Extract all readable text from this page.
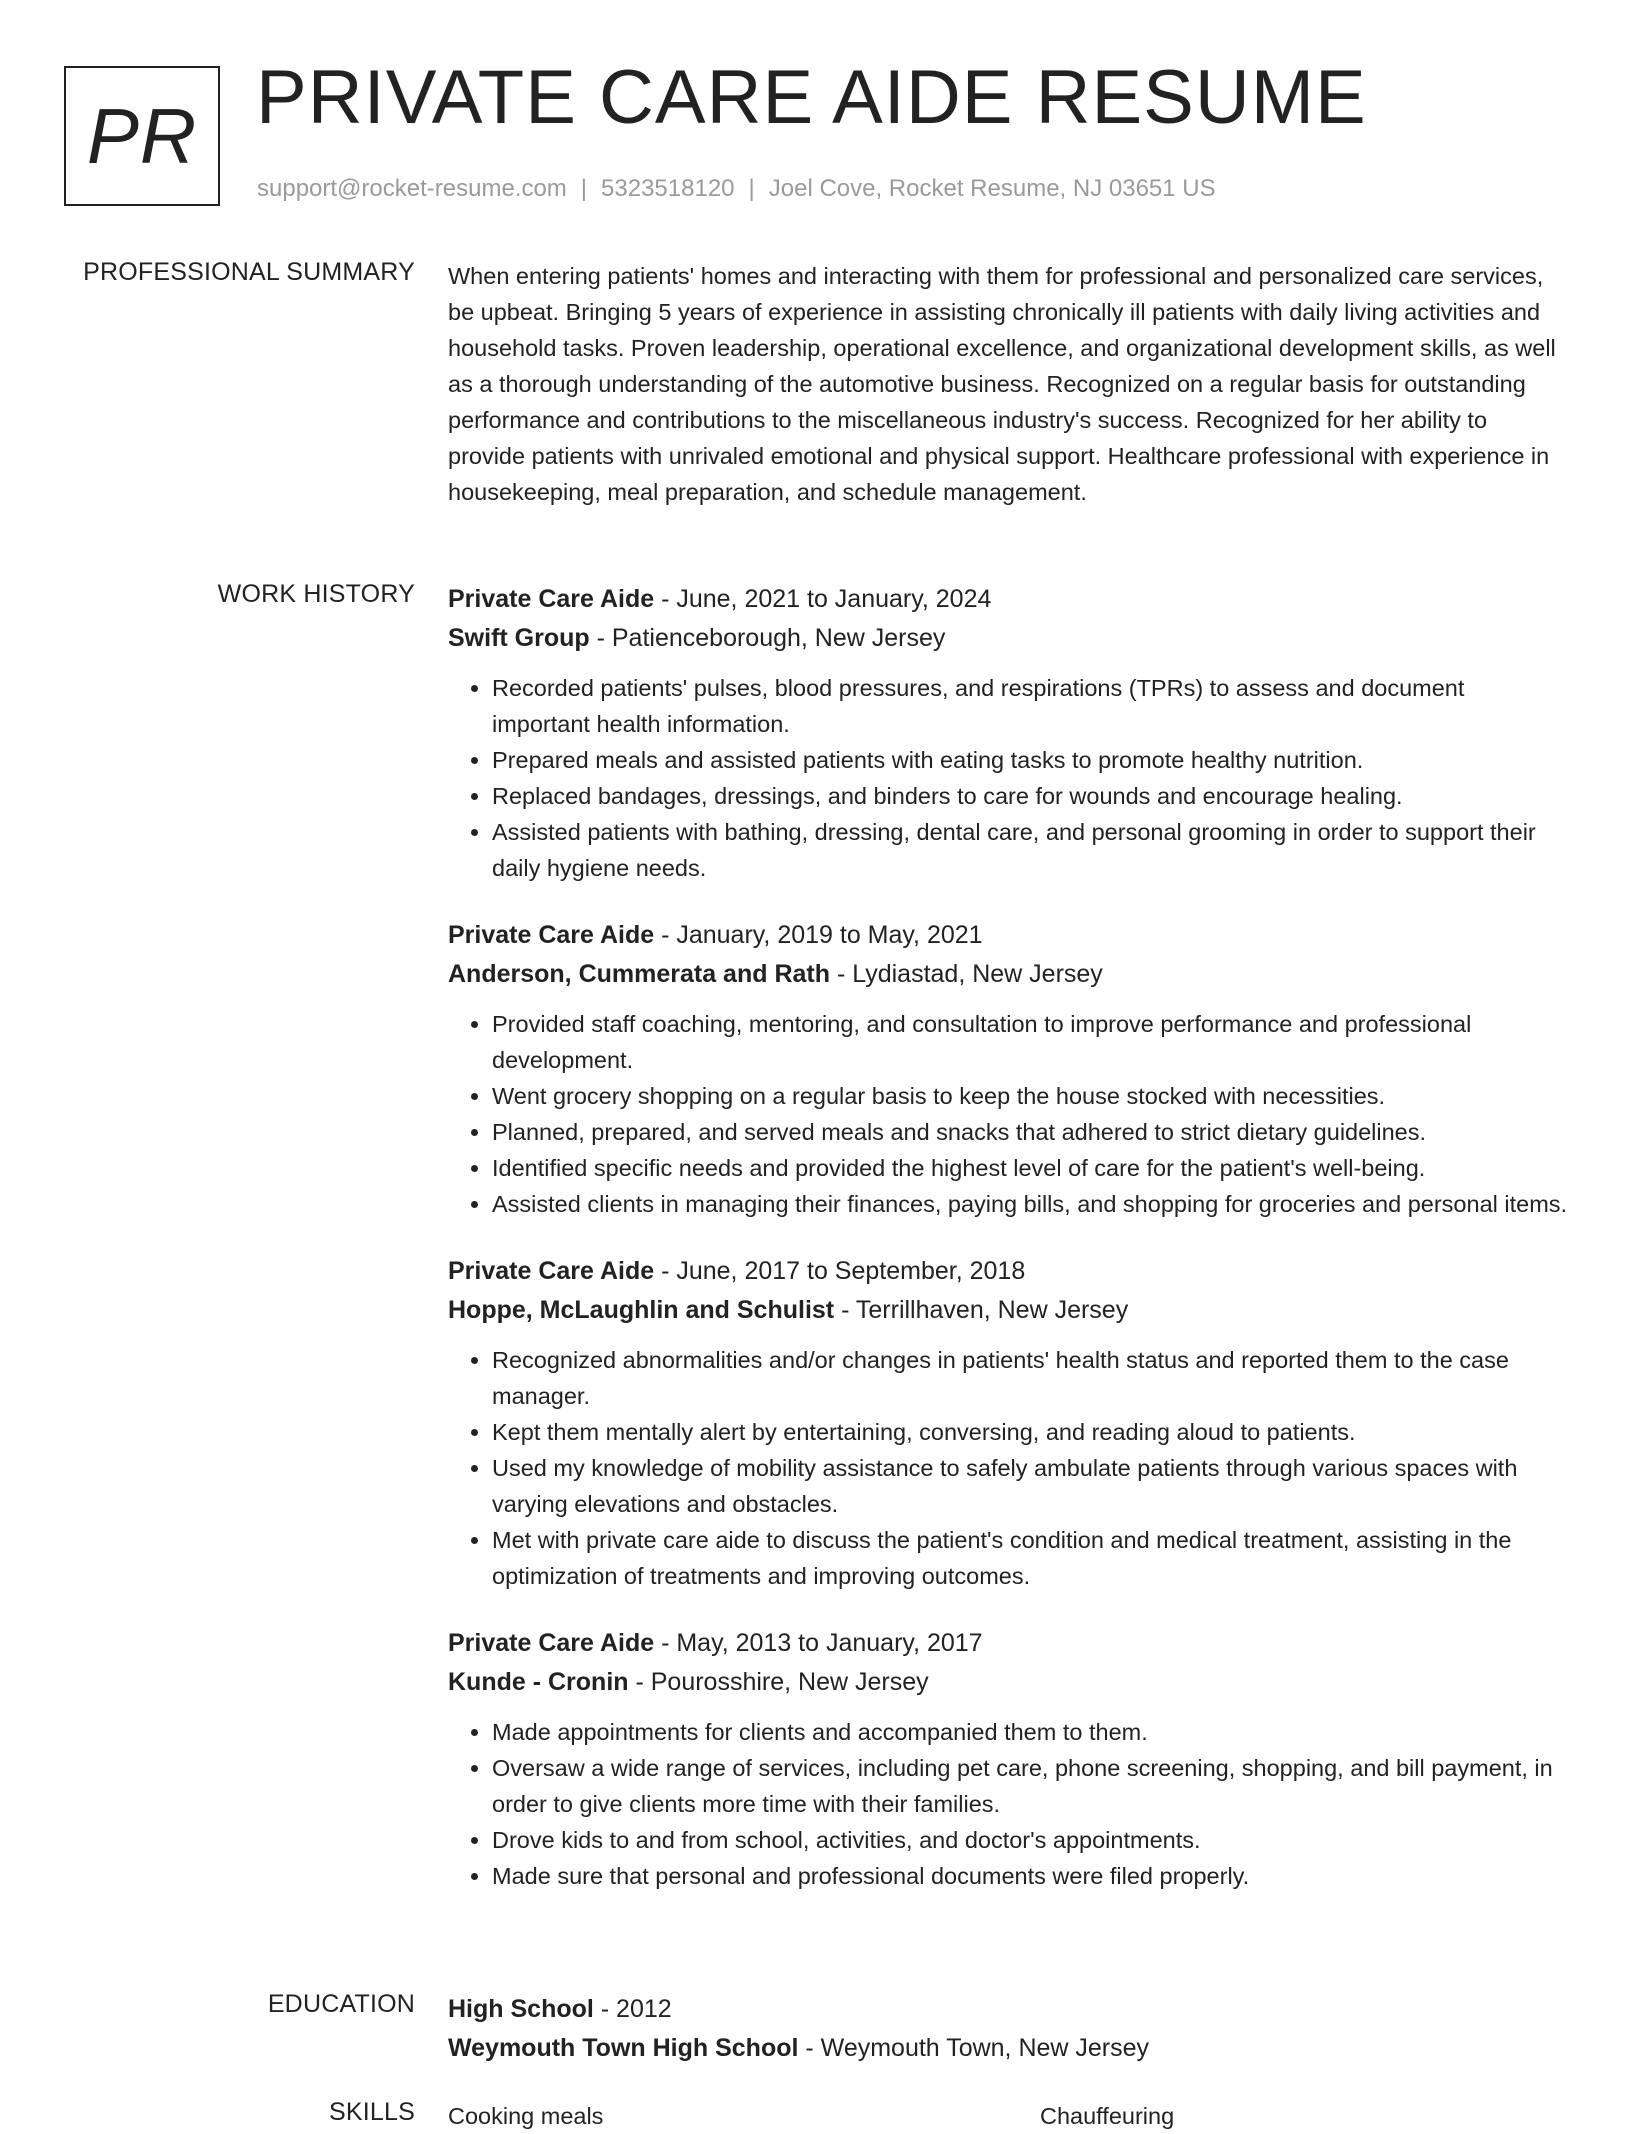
PR PRIVATE CARE AIDE RESUME
support@rocket-resume.com | 5323518120 | Joel Cove, Rocket Resume, NJ 03651 US
PROFESSIONAL SUMMARY When entering patients' homes and interacting with them for professional and personalized care services, be upbeat. Bringing 5 years of experience in assisting chronically ill patients with daily living activities and household tasks. Proven leadership, operational excellence, and organizational development skills, as well as a thorough understanding of the automotive business. Recognized on a regular basis for outstanding performance and contributions to the miscellaneous industry's success. Recognized for her ability to provide patients with unrivaled emotional and physical support. Healthcare professional with experience in housekeeping, meal preparation, and schedule management.
WORK HISTORY Private Care Aide - June, 2021 to January, 2024
Swift Group - Patienceborough, New Jersey
• Recorded patients' pulses, blood pressures, and respirations (TPRs) to assess and document important health information.
• Prepared meals and assisted patients with eating tasks to promote healthy nutrition.
• Replaced bandages, dressings, and binders to care for wounds and encourage healing.
• Assisted patients with bathing, dressing, dental care, and personal grooming in order to support their daily hygiene needs.
Private Care Aide - January, 2019 to May, 2021
Anderson, Cummerata and Rath - Lydiastad, New Jersey
• Provided staff coaching, mentoring, and consultation to improve performance and professional development.
• Went grocery shopping on a regular basis to keep the house stocked with necessities.
• Planned, prepared, and served meals and snacks that adhered to strict dietary guidelines.
• Identified specific needs and provided the highest level of care for the patient's well-being.
• Assisted clients in managing their finances, paying bills, and shopping for groceries and personal items.
Private Care Aide - June, 2017 to September, 2018
Hoppe, McLaughlin and Schulist - Terrillhaven, New Jersey
• Recognized abnormalities and/or changes in patients' health status and reported them to the case manager.
• Kept them mentally alert by entertaining, conversing, and reading aloud to patients.
• Used my knowledge of mobility assistance to safely ambulate patients through various spaces with varying elevations and obstacles.
• Met with private care aide to discuss the patient's condition and medical treatment, assisting in the optimization of treatments and improving outcomes.
Private Care Aide - May, 2013 to January, 2017
Kunde - Cronin - Pourosshire, New Jersey
• Made appointments for clients and accompanied them to them.
• Oversaw a wide range of services, including pet care, phone screening, shopping, and bill payment, in order to give clients more time with their families.
• Drove kids to and from school, activities, and doctor's appointments.
• Made sure that personal and professional documents were filed properly.
EDUCATION High School - 2012
Weymouth Town High School - Weymouth Town, New Jersey
SKILLS Cooking meals	Chauffeuring
